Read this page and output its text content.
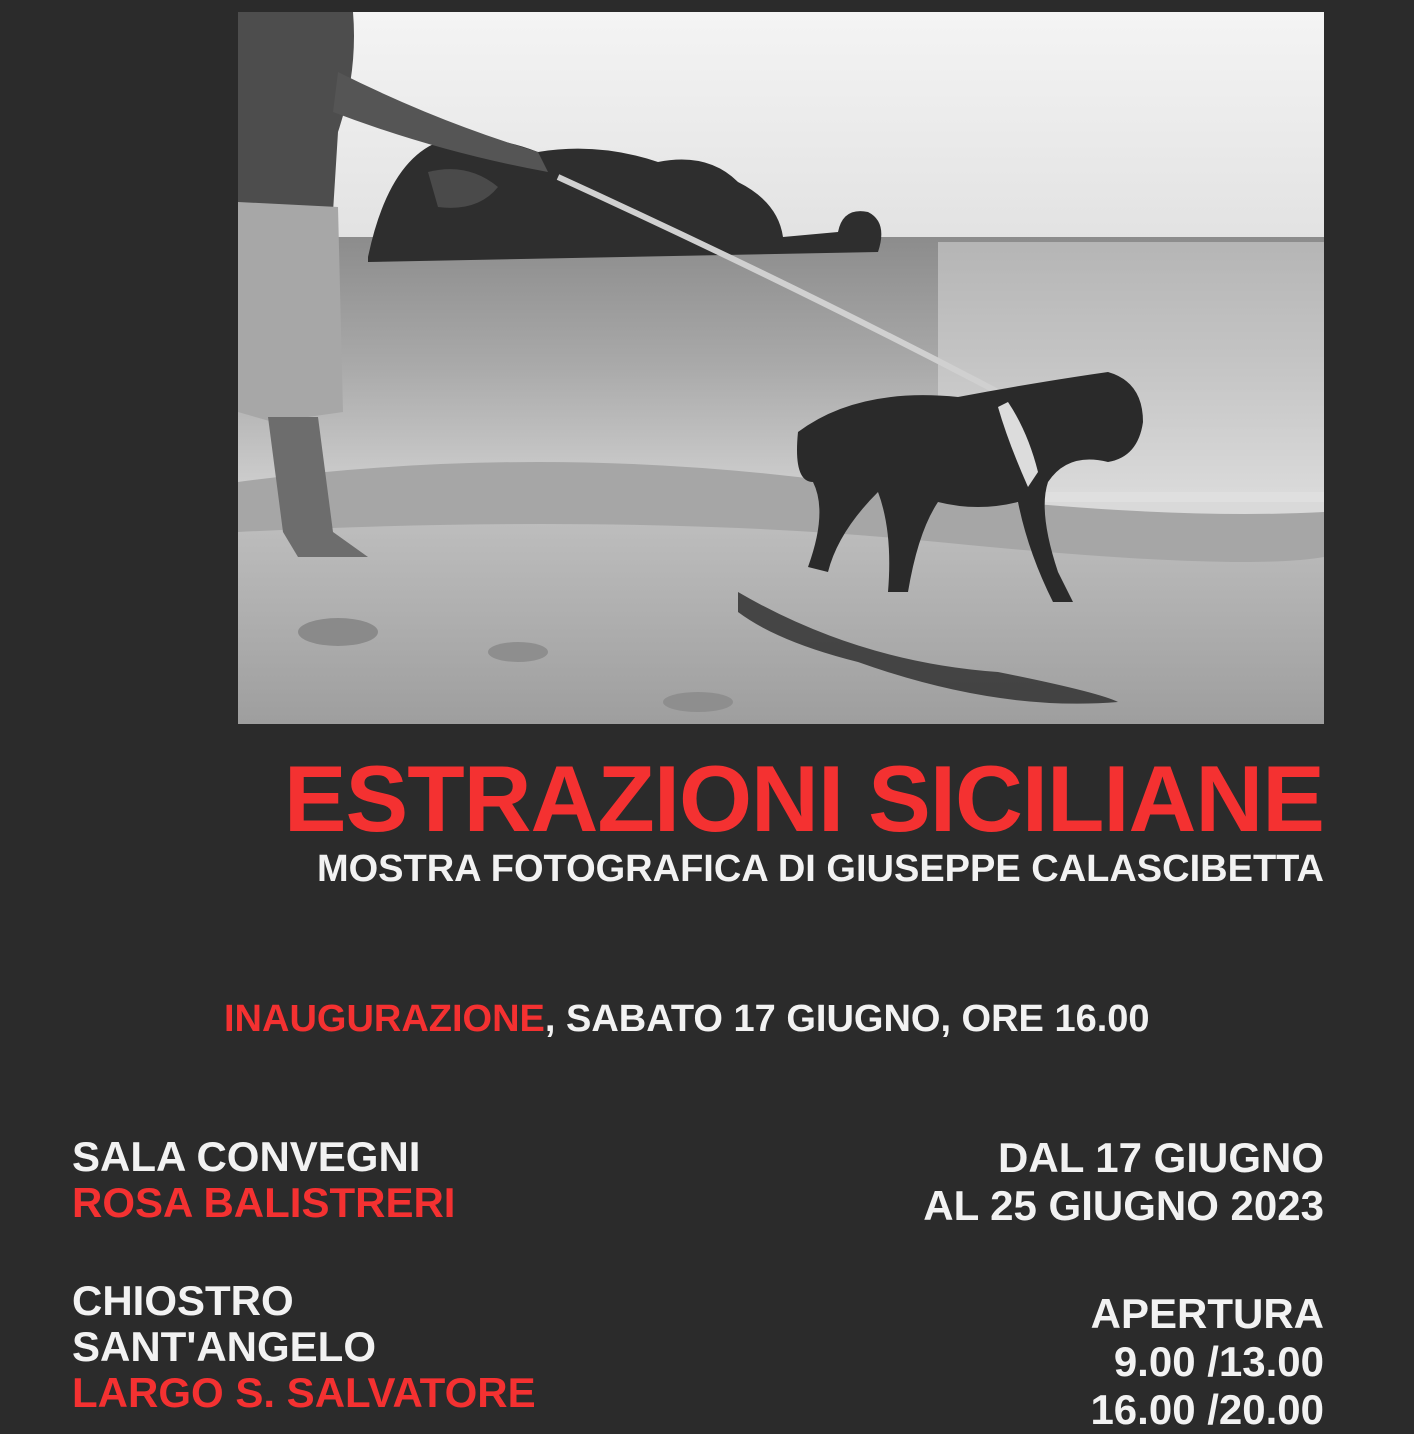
ESTRAZIONI SICILIANE
MOSTRA FOTOGRAFICA DI GIUSEPPE CALASCIBETTA
INAUGURAZIONE, SABATO 17 GIUGNO, ORE 16.00
SALA CONVEGNI
ROSA BALISTRERI
CHIOSTRO
SANT'ANGELO
LARGO S. SALVATORE
DAL 17 GIUGNO
AL 25 GIUGNO 2023
APERTURA
9.00 /13.00
16.00 /20.00
